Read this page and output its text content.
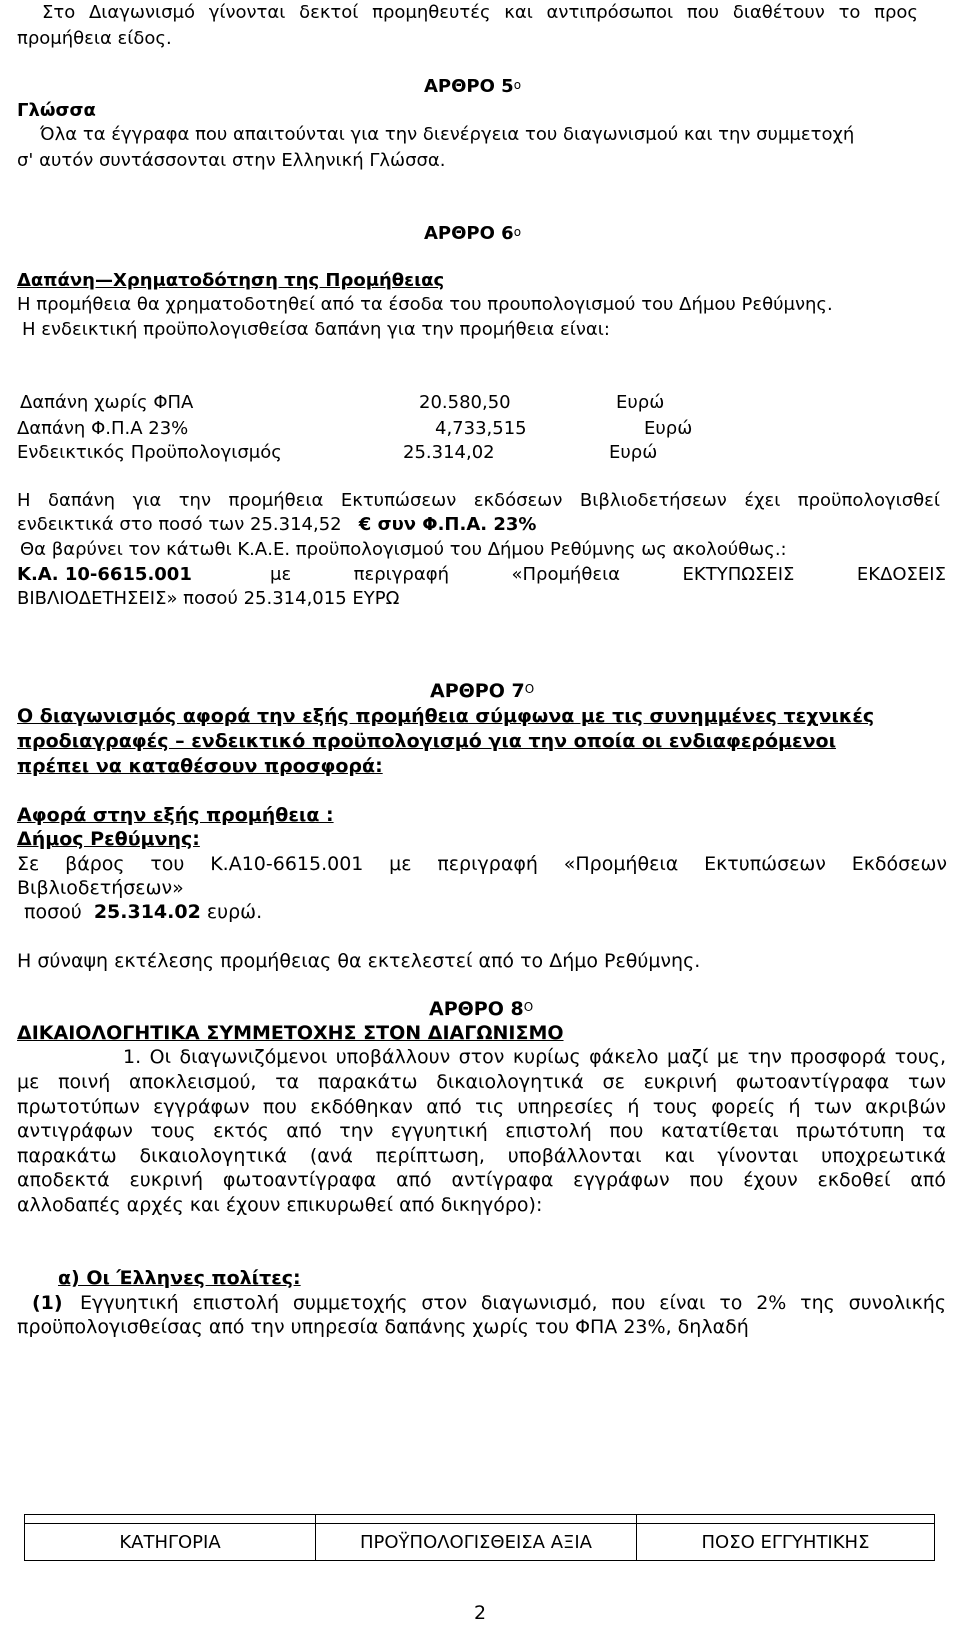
Στο Διαγωνισμό γίνονται δεκτοί προμηθευτές και αντιπρόσωποι που διαθέτουν το προς
προμήθεια είδος.
ΑΡΘΡΟ $5^o$
Γλώσσα
Όλα τα έγγραφα που απαιτούνται για την διενέργεια του διαγωνισμού και την συμμετοχή
σ' αυτόν συντάσσονται στην Ελληνική Γλώσσα.
ΑΡΘΡΟ $6^o$
Δαπάνη—Χρηματοδότηση της Προμήθειας
Η προμήθεια θα χρηματοδοτηθεί από τα έσοδα του προυπολογισμού του Δήμου Ρεθύμνης.
Η ενδεικτική προϋπολογισθείσα δαπάνη για την προμήθεια είναι:
Δαπάνη χωρίς ΦΠΑ	20.580,50	Ευρώ
Δαπάνη Φ.Π.Α 23%	4,733,515	Ευρώ
Ενδεικτικός Προϋπολογισμός	25.314,02	Ευρώ
Η δαπάνη για την προμήθεια Εκτυπώσεων εκδόσεων Βιβλιοδετήσεων έχει προϋπολογισθεί
ενδεικτικά στο ποσό των 25.314,52 € συν Φ.Π.Α. 23%
Θα βαρύνει τον κάτωθι Κ.Α.Ε. προϋπολογισμού του Δήμου Ρεθύμνης ως ακολούθως.:
Κ.Α. 10-6615.001	με περιγραφή «Προμήθεια ΕΚΤΥΠΩΣΕΙΣ ΕΚΔΟΣΕΙΣ
ΒΙΒΛΙΟΔΕΤΗΣΕΙΣ» ποσού 25.314,015 ΕΥΡΩ
ΑΡΘΡΟ $7^O$
Ο διαγωνισμός αφορά την εξής προμήθεια σύμφωνα με τις συνημμένες τεχνικές
προδιαγραφές – ενδεικτικό προϋπολογισμό για την οποία οι ενδιαφερόμενοι
πρέπει να καταθέσουν προσφορά:
Αφορά στην εξής προμήθεια :
Δήμος Ρεθύμνης:
Σε βάρος του Κ.Α10-6615.001 με περιγραφή «Προμήθεια Εκτυπώσεων Εκδόσεων
Βιβλιοδετήσεων»
ποσού 25.314.02 ευρώ.
Η σύναψη εκτέλεσης προμήθειας θα εκτελεστεί από το Δήμο Ρεθύμνης.
ΑΡΘΡΟ $8^O$
ΔΙΚΑΙΟΛΟΓΗΤΙΚΑ ΣΥΜΜΕΤΟΧΗΣ ΣΤΟΝ ΔΙΑΓΩΝΙΣΜΟ
1. Οι διαγωνιζόμενοι υποβάλλουν στον κυρίως φάκελο μαζί με την προσφορά τους,
με ποινή αποκλεισμού, τα παρακάτω δικαιολογητικά σε ευκρινή φωτοαντίγραφα των
πρωτοτύπων εγγράφων που εκδόθηκαν από τις υπηρεσίες ή τους φορείς ή των ακριβών
αντιγράφων τους εκτός από την εγγυητική επιστολή που κατατίθεται πρωτότυπη τα
παρακάτω δικαιολογητικά (ανά περίπτωση, υποβάλλονται και γίνονται υποχρεωτικά
αποδεκτά ευκρινή φωτοαντίγραφα από αντίγραφα εγγράφων που έχουν εκδοθεί από
αλλοδαπές αρχές και έχουν επικυρωθεί από δικηγόρο):
α) Οι Έλληνες πολίτες:
(1) Εγγυητική επιστολή συμμετοχής στον διαγωνισμό, που είναι το 2% της συνολικής
προϋπολογισθείσας από την υπηρεσία δαπάνης χωρίς του ΦΠΑ 23%, δηλαδή

ΚΑΤΗΓΟΡΙΑ	ΠΡΟΫΠΟΛΟΓΙΣΘΕΙΣΑ ΑΞΙΑ	ΠΟΣΟ ΕΓΓΥΗΤΙΚΗΣ
2
